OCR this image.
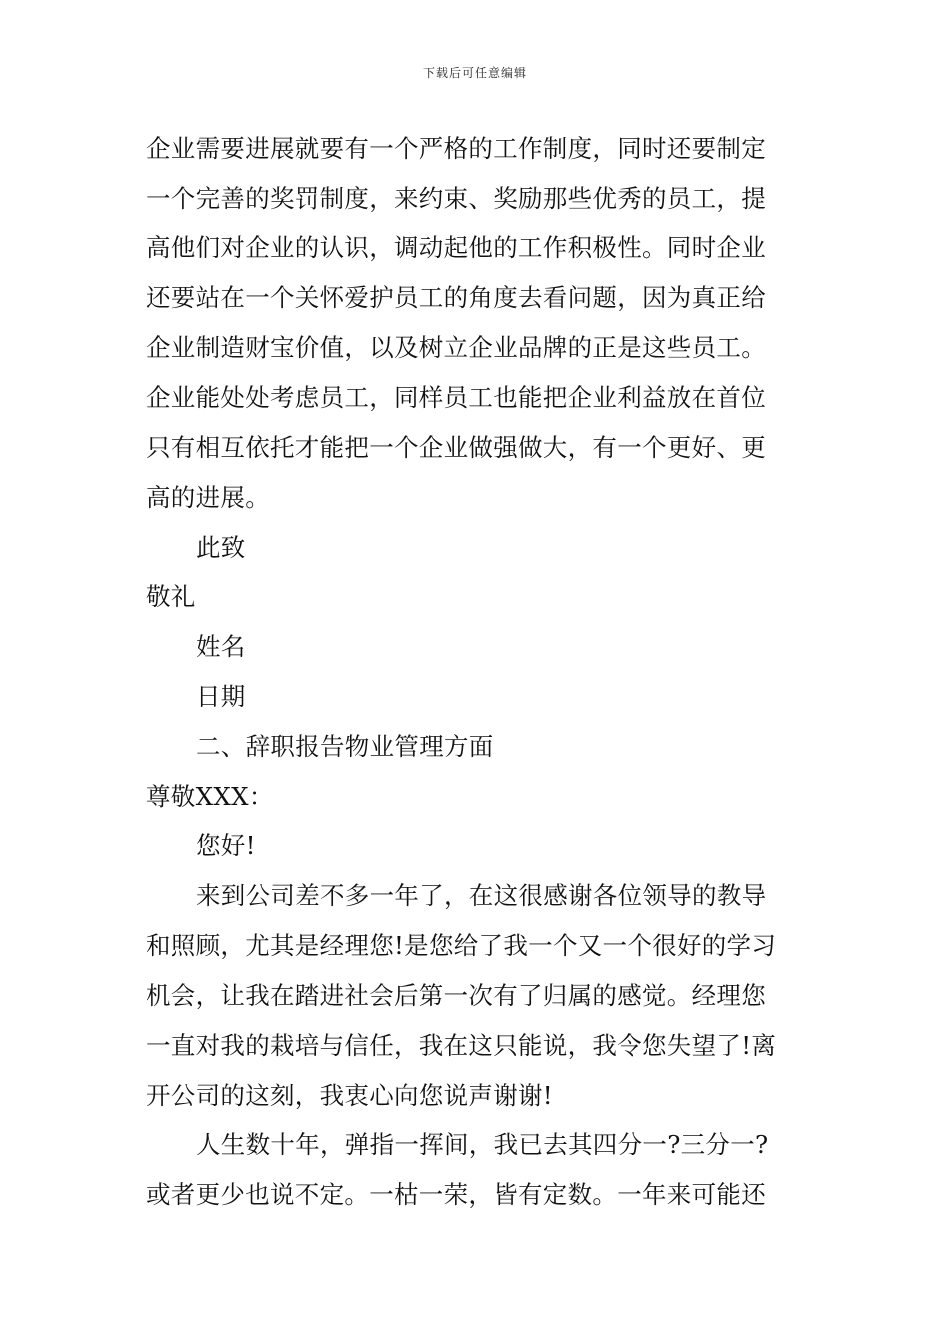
下载后可任意编辑
企业需要进展就要有一个严格的工作制度，同时还要制定
一个完善的奖罚制度，来约束、奖励那些优秀的员工，提
高他们对企业的认识，调动起他的工作积极性。同时企业
还要站在一个关怀爱护员工的角度去看问题，因为真正给
企业制造财宝价值，以及树立企业品牌的正是这些员工。
企业能处处考虑员工，同样员工也能把企业利益放在首位
只有相互依托才能把一个企业做强做大，有一个更好、更
高的进展。
此致
敬礼
姓名
日期
二、辞职报告物业管理方面
尊敬XXX：
您好!
来到公司差不多一年了，在这很感谢各位领导的教导
和照顾，尤其是经理您!是您给了我一个又一个很好的学习
机会，让我在踏进社会后第一次有了归属的感觉。经理您
一直对我的栽培与信任，我在这只能说，我令您失望了!离
开公司的这刻，我衷心向您说声谢谢!
人生数十年，弹指一挥间，我已去其四分一?三分一?
或者更少也说不定。一枯一荣，皆有定数。一年来可能还
